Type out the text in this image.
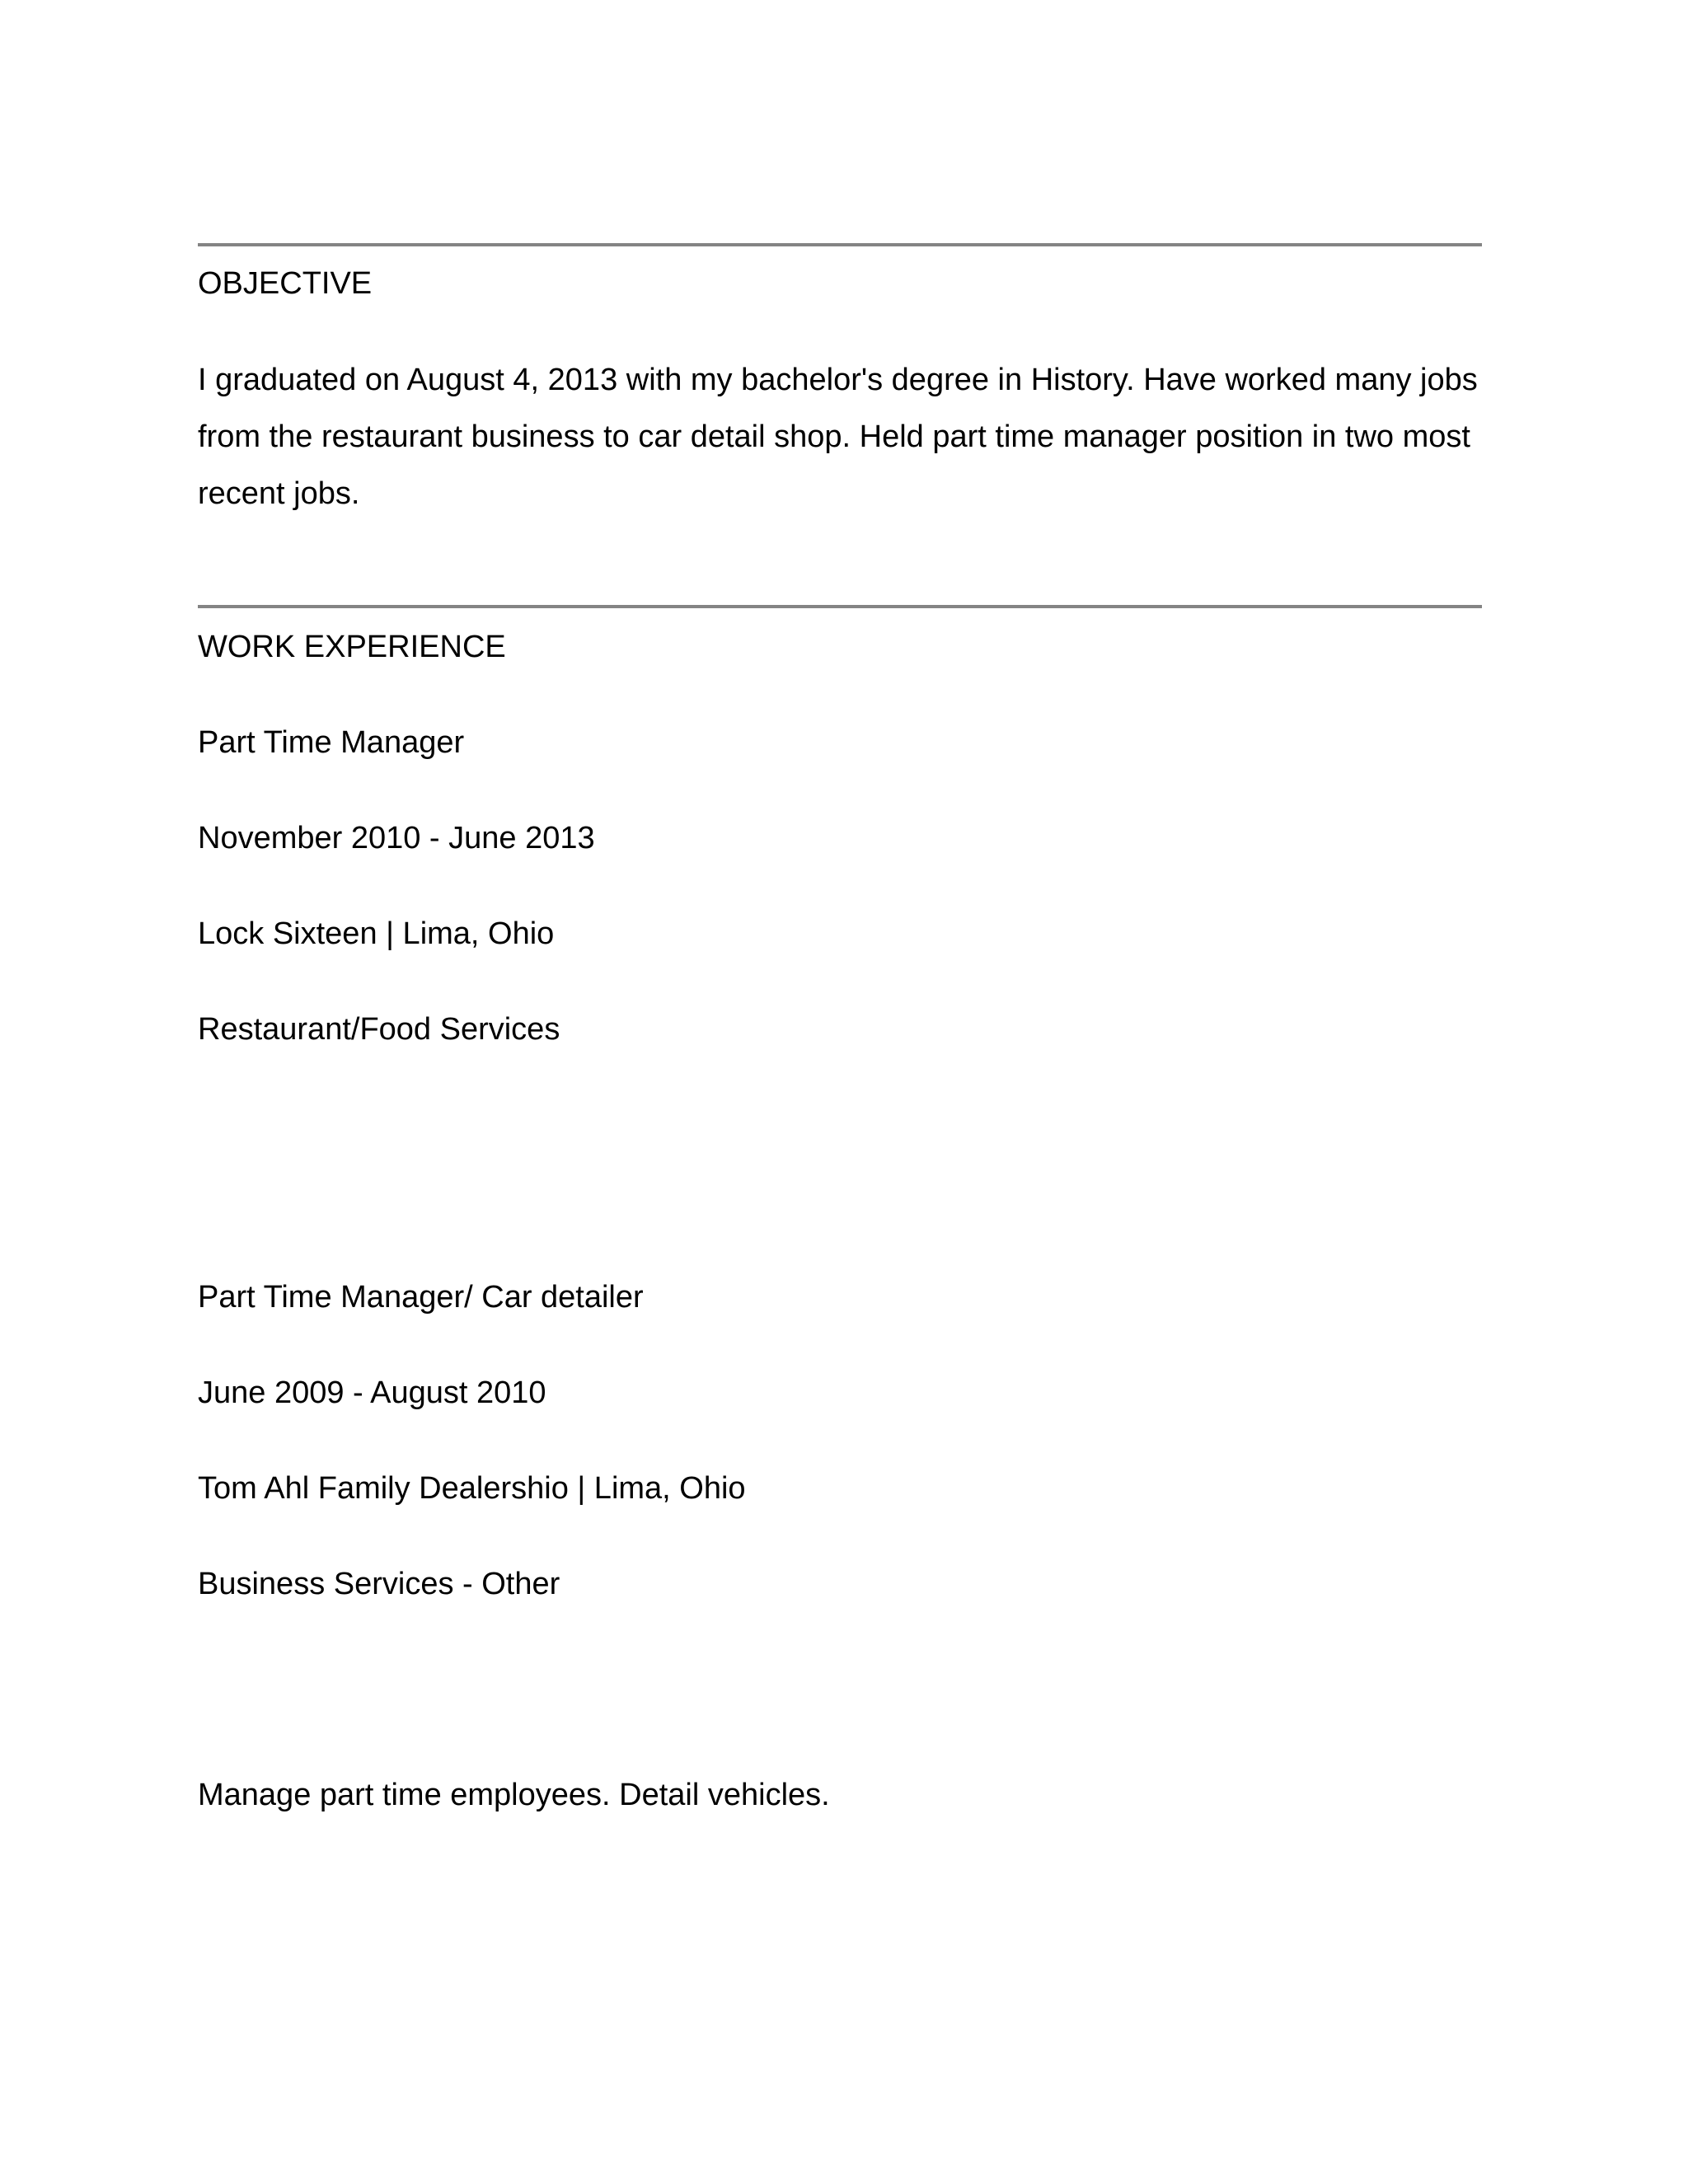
OBJECTIVE

I graduated on August 4, 2013 with my bachelor's degree in History. Have worked many jobs from the restaurant business to car detail shop. Held part time manager position in two most recent jobs.

WORK EXPERIENCE

Part Time Manager

November 2010 - June 2013

Lock Sixteen | Lima, Ohio

Restaurant/Food Services

Part Time Manager/ Car detailer

June 2009 - August 2010

Tom Ahl Family Dealershio | Lima, Ohio

Business Services - Other

Manage part time employees. Detail vehicles.
